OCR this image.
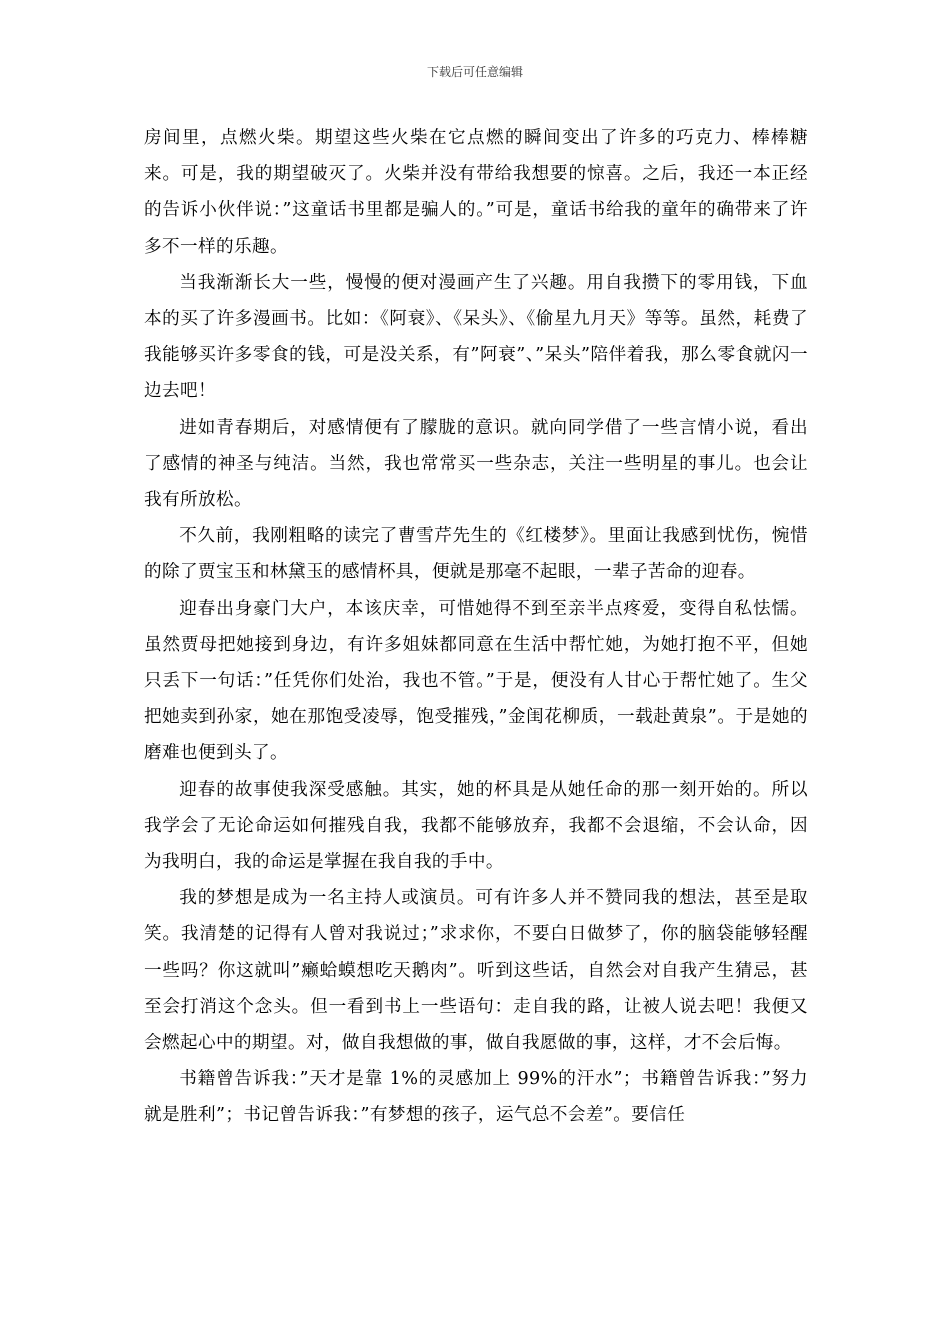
下载后可任意编辑

房间里，点燃火柴。期望这些火柴在它点燃的瞬间变出了许多的巧克力、棒棒糖来。可是，我的期望破灭了。火柴并没有带给我想要的惊喜。之后，我还一本正经的告诉小伙伴说：”这童话书里都是骗人的。”可是，童话书给我的童年的确带来了许多不一样的乐趣。

当我渐渐长大一些，慢慢的便对漫画产生了兴趣。用自我攒下的零用钱，下血本的买了许多漫画书。比如：《阿衰》、《呆头》、《偷星九月天》等等。虽然，耗费了我能够买许多零食的钱，可是没关系，有”阿衰”、”呆头”陪伴着我，那么零食就闪一边去吧！

进如青春期后，对感情便有了朦胧的意识。就向同学借了一些言情小说，看出了感情的神圣与纯洁。当然，我也常常买一些杂志，关注一些明星的事儿。也会让我有所放松。

不久前，我刚粗略的读完了曹雪芹先生的《红楼梦》。里面让我感到忧伤，惋惜的除了贾宝玉和林黛玉的感情杯具，便就是那毫不起眼，一辈子苦命的迎春。

迎春出身豪门大户，本该庆幸，可惜她得不到至亲半点疼爱，变得自私怯懦。虽然贾母把她接到身边，有许多姐妹都同意在生活中帮忙她，为她打抱不平，但她只丢下一句话：”任凭你们处治，我也不管。”于是，便没有人甘心于帮忙她了。生父把她卖到孙家，她在那饱受凌辱，饱受摧残，”金闺花柳质，一载赴黄泉”。于是她的磨难也便到头了。

迎春的故事使我深受感触。其实，她的杯具是从她任命的那一刻开始的。所以我学会了无论命运如何摧残自我，我都不能够放弃，我都不会退缩，不会认命，因为我明白，我的命运是掌握在我自我的手中。

我的梦想是成为一名主持人或演员。可有许多人并不赞同我的想法，甚至是取笑。我清楚的记得有人曾对我说过；”求求你，不要白日做梦了，你的脑袋能够轻醒一些吗？你这就叫”癞蛤蟆想吃天鹅肉”。听到这些话，自然会对自我产生猜忌，甚至会打消这个念头。但一看到书上一些语句：走自我的路，让被人说去吧！我便又会燃起心中的期望。对，做自我想做的事，做自我愿做的事，这样，才不会后悔。

书籍曾告诉我：”天才是靠 1%的灵感加上 99%的汗水”；书籍曾告诉我：”努力就是胜利”；书记曾告诉我：”有梦想的孩子，运气总不会差”。要信任
